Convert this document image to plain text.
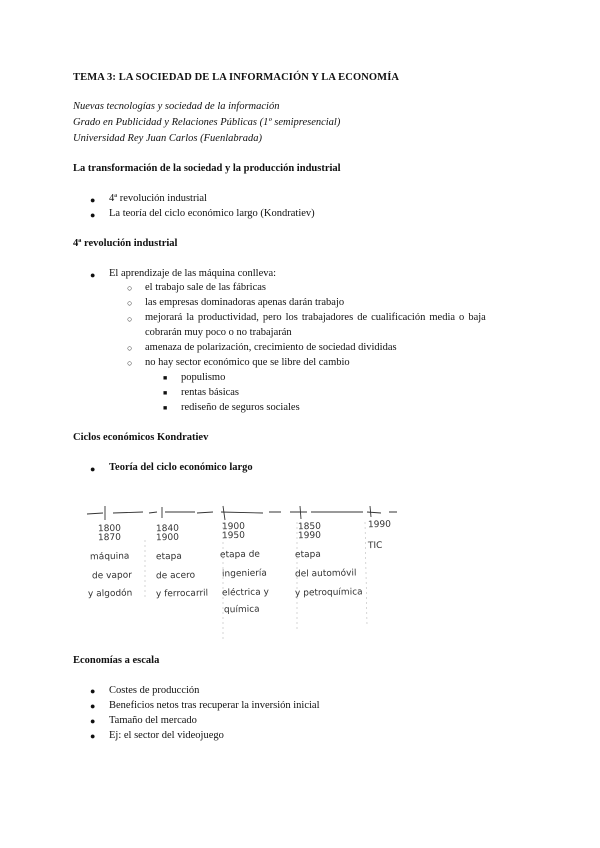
TEMA 3: LA SOCIEDAD DE LA INFORMACIÓN Y LA ECONOMÍA
Nuevas tecnologías y sociedad de la información
Grado en Publicidad y Relaciones Públicas (1º semipresencial)
Universidad Rey Juan Carlos (Fuenlabrada)
La transformación de la sociedad y la producción industrial
● 4ª revolución industrial
● La teoría del ciclo económico largo (Kondratiev)
4ª revolución industrial
● El aprendizaje de las máquina conlleva:
○ el trabajo sale de las fábricas
○ las empresas dominadoras apenas darán trabajo
○ mejorará la productividad, pero los trabajadores de cualificación media o baja
cobrarán muy poco o no trabajarán
○ amenaza de polarización, crecimiento de sociedad divididas
○ no hay sector económico que se libre del cambio
■ populismo
■ rentas básicas
■ rediseño de seguros sociales
Ciclos económicos Kondratiev
● Teoría del ciclo económico largo
1800
1870
máquina
de vapor
y algodón
1840
1900
etapa
de acero
y ferrocarril
1900
1950
etapa de
ingeniería
eléctrica y
química
1850
1990
etapa
del automóvil
y petroquímica
1990
TIC
Economías a escala
● Costes de producción
● Beneficios netos tras recuperar la inversión inicial
● Tamaño del mercado
● Ej: el sector del videojuego
